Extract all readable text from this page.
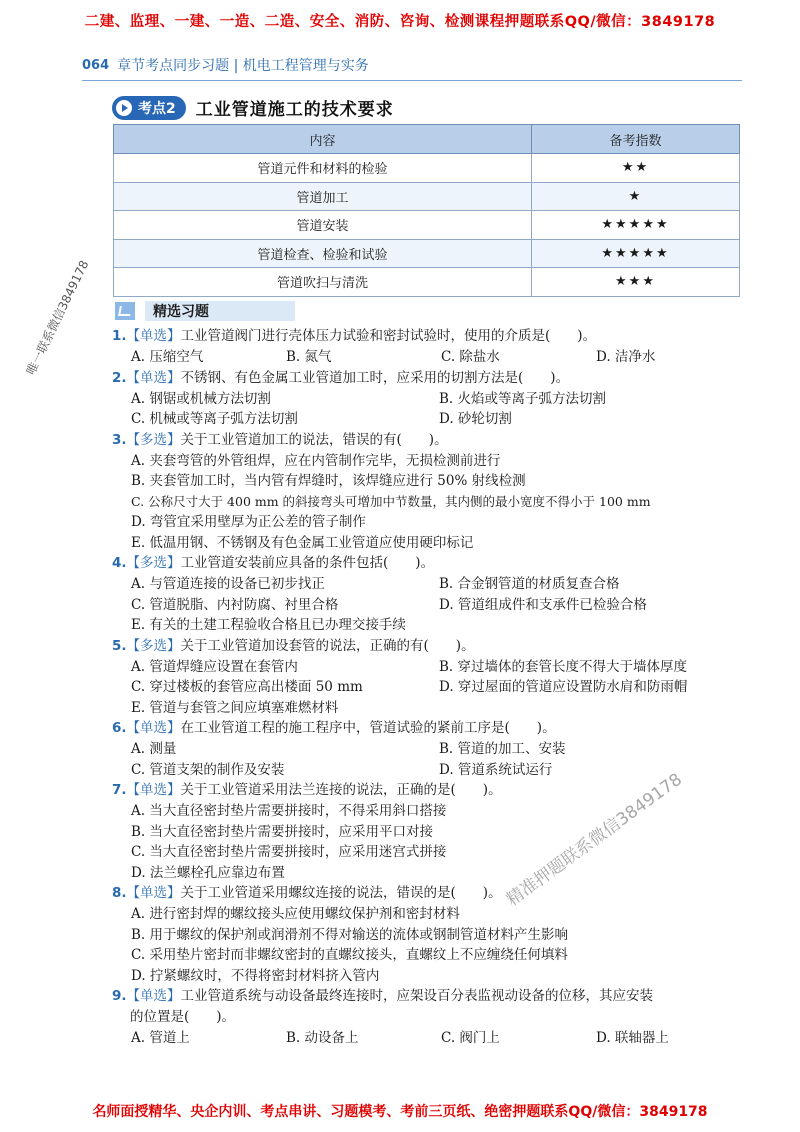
二建、监理、一建、一造、二造、安全、消防、咨询、检测课程押题联系QQ/微信：3849178
064 章节考点同步习题 | 机电工程管理与实务
考点2 工业管道施工的技术要求
内容	备考指数
管道元件和材料的检验	★★
管道加工	★
管道安装	★★★★★
管道检查、检验和试验	★★★★★
管道吹扫与清洗	★★★
精选习题
1.【单选】工业管道阀门进行壳体压力试验和密封试验时，使用的介质是(　　)。
A. 压缩空气	B. 氮气	C. 除盐水	D. 洁净水
2.【单选】不锈钢、有色金属工业管道加工时，应采用的切割方法是(　　)。
A. 钢锯或机械方法切割	B. 火焰或等离子弧方法切割
C. 机械或等离子弧方法切割	D. 砂轮切割
3.【多选】关于工业管道加工的说法，错误的有(　　)。
A. 夹套弯管的外管组焊，应在内管制作完毕，无损检测前进行
B. 夹套管加工时，当内管有焊缝时，该焊缝应进行 50% 射线检测
C. 公称尺寸大于 400 mm 的斜接弯头可增加中节数量，其内侧的最小宽度不得小于 100 mm
D. 弯管宜采用壁厚为正公差的管子制作
E. 低温用钢、不锈钢及有色金属工业管道应使用硬印标记
4.【多选】工业管道安装前应具备的条件包括(　　)。
A. 与管道连接的设备已初步找正	B. 合金钢管道的材质复查合格
C. 管道脱脂、内衬防腐、衬里合格	D. 管道组成件和支承件已检验合格
E. 有关的土建工程验收合格且已办理交接手续
5.【多选】关于工业管道加设套管的说法，正确的有(　　)。
A. 管道焊缝应设置在套管内	B. 穿过墙体的套管长度不得大于墙体厚度
C. 穿过楼板的套管应高出楼面 50 mm	D. 穿过屋面的管道应设置防水肩和防雨帽
E. 管道与套管之间应填塞难燃材料
6.【单选】在工业管道工程的施工程序中，管道试验的紧前工序是(　　)。
A. 测量	B. 管道的加工、安装
C. 管道支架的制作及安装	D. 管道系统试运行
7.【单选】关于工业管道采用法兰连接的说法，正确的是(　　)。
A. 当大直径密封垫片需要拼接时，不得采用斜口搭接
B. 当大直径密封垫片需要拼接时，应采用平口对接
C. 当大直径密封垫片需要拼接时，应采用迷宫式拼接
D. 法兰螺栓孔应靠边布置
8.【单选】关于工业管道采用螺纹连接的说法，错误的是(　　)。
A. 进行密封焊的螺纹接头应使用螺纹保护剂和密封材料
B. 用于螺纹的保护剂或润滑剂不得对输送的流体或钢制管道材料产生影响
C. 采用垫片密封而非螺纹密封的直螺纹接头，直螺纹上不应缠绕任何填料
D. 拧紧螺纹时，不得将密封材料挤入管内
9.【单选】工业管道系统与动设备最终连接时，应架设百分表监视动设备的位移，其应安装
的位置是(　　)。
A. 管道上	B. 动设备上	C. 阀门上	D. 联轴器上
唯一联系微信3849178
精准押题联系微信3849178
名师面授精华、央企内训、考点串讲、习题模考、考前三页纸、绝密押题联系QQ/微信：3849178
